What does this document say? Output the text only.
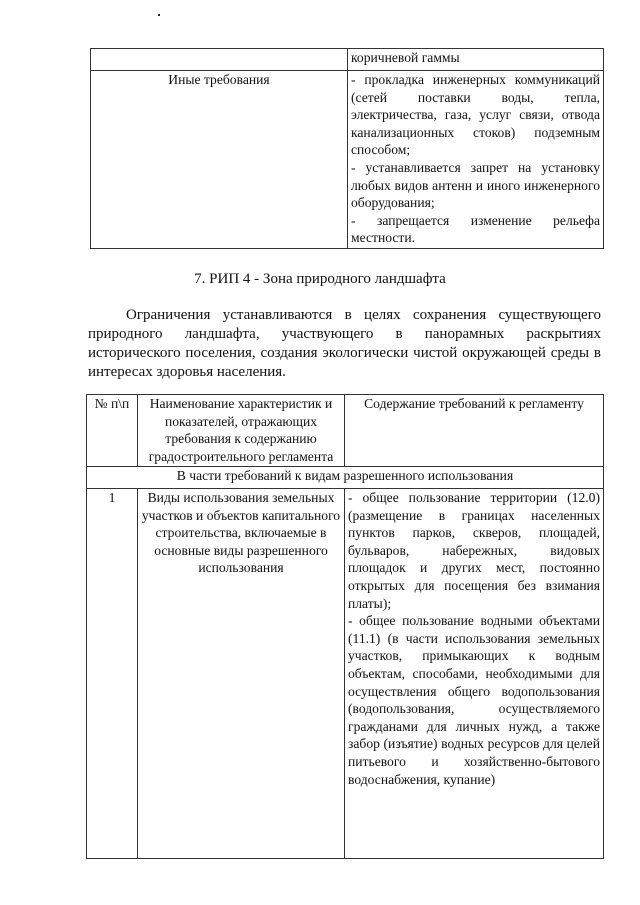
	коричневой гаммы
Иные требования	- прокладка инженерных коммуникаций (сетей поставки воды, тепла, электричества, газа, услуг связи, отвода канализационных стоков) подземным способом;
- устанавливается запрет на установку любых видов антенн и иного инженерного оборудования;
- запрещается изменение рельефа местности.
7. РИП 4 - Зона природного ландшафта
Ограничения устанавливаются в целях сохранения существующего природного ландшафта, участвующего в панорамных раскрытиях исторического поселения, создания экологически чистой окружающей среды в интересах здоровья населения.
№ п\п	Наименование характеристик и показателей, отражающих требования к содержанию градостроительного регламента	Содержание требований к регламенту
В части требований к видам разрешенного использования		
1	Виды использования земельных участков и объектов капитального строительства, включаемые в основные виды разрешенного использования	- общее пользование территории (12.0) (размещение в границах населенных пунктов парков, скверов, площадей, бульваров, набережных, видовых площадок и других мест, постоянно открытых для посещения без взимания платы);
- общее пользование водными объектами (11.1) (в части использования земельных участков, примыкающих к водным объектам, способами, необходимыми для осуществления общего водопользования (водопользования, осуществляемого гражданами для личных нужд, а также забор (изъятие) водных ресурсов для целей питьевого и хозяйственно-бытового водоснабжения, купание)
